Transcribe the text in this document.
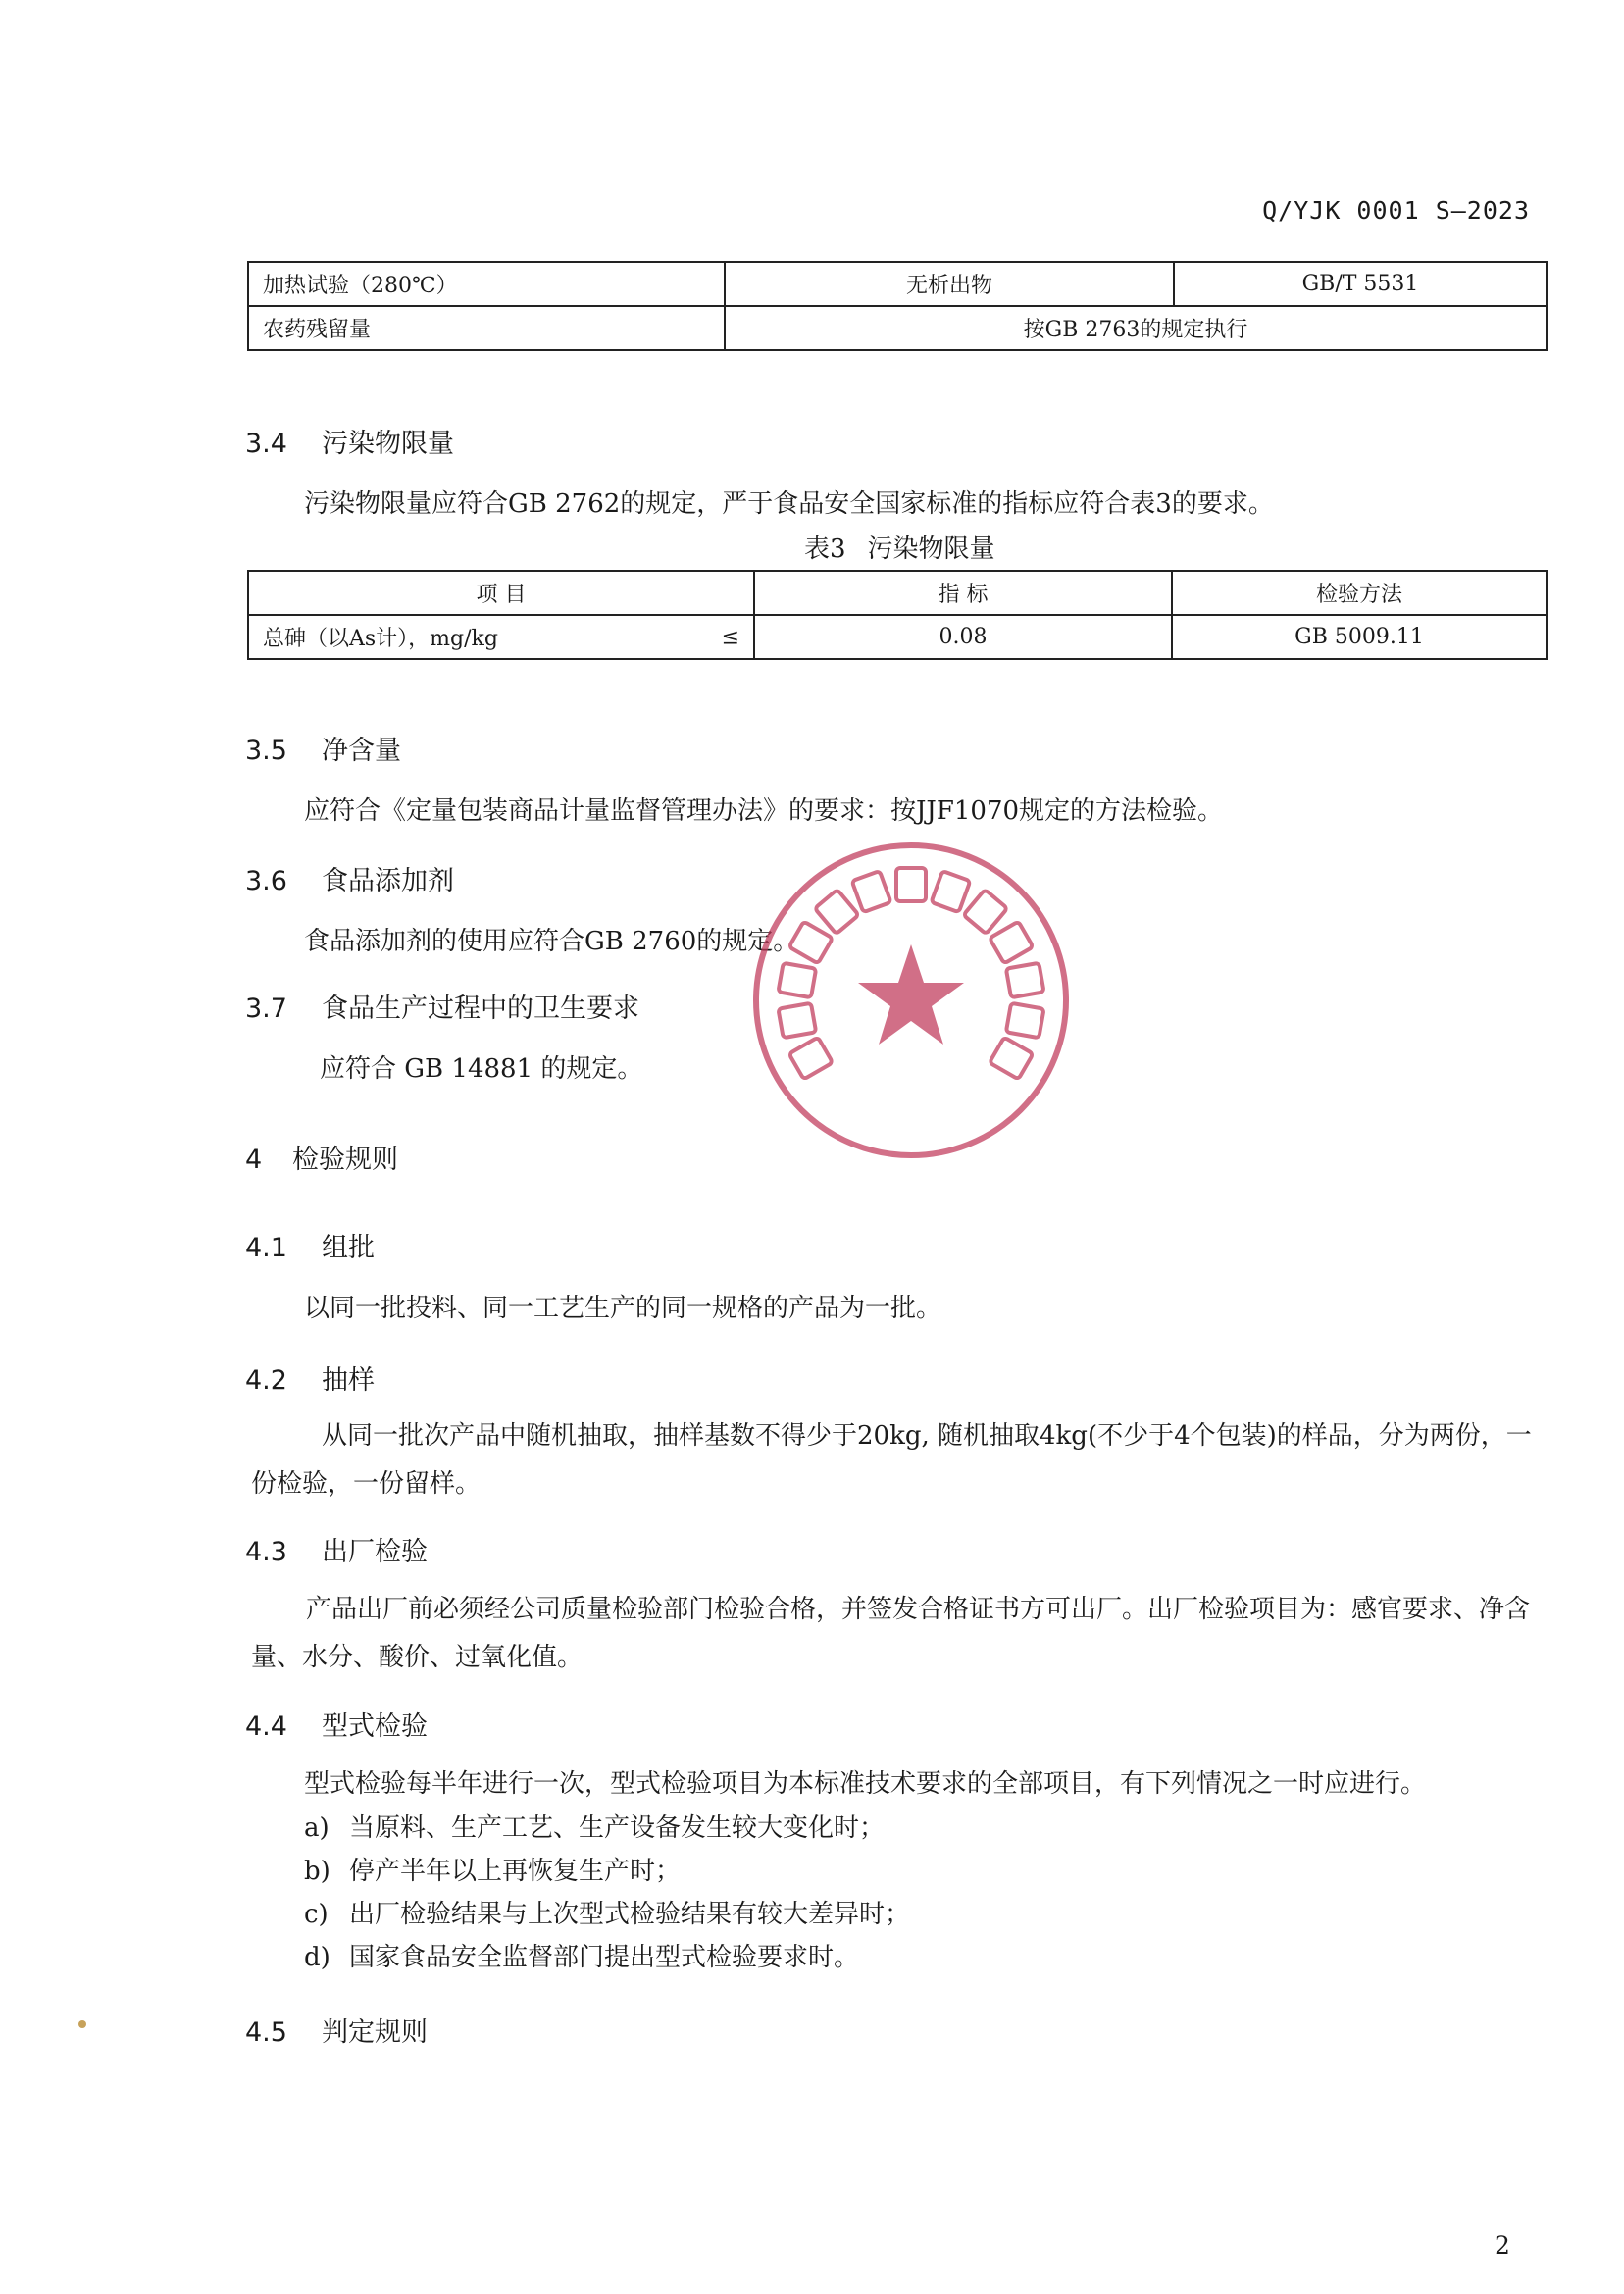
Q/YJK 0001 S—2023
加热试验（280℃）	无析出物	GB/T 5531
农药残留量	按GB 2763的规定执行	
3.4 污染物限量
污染物限量应符合GB 2762的规定，严于食品安全国家标准的指标应符合表3的要求。
表3 污染物限量
项 目	指 标	检验方法
总砷（以As计），mg/kg ≤	0.08	GB 5009.11
3.5 净含量
应符合《定量包装商品计量监督管理办法》的要求：按JJF1070规定的方法检验。
3.6 食品添加剂
食品添加剂的使用应符合GB 2760的规定。
3.7 食品生产过程中的卫生要求
应符合 GB 14881 的规定。
4 检验规则
4.1 组批
以同一批投料、同一工艺生产的同一规格的产品为一批。
4.2 抽样
从同一批次产品中随机抽取，抽样基数不得少于20kg, 随机抽取4kg(不少于4个包装)的样品，分为两份，一份检验，一份留样。
4.3 出厂检验
产品出厂前必须经公司质量检验部门检验合格，并签发合格证书方可出厂。出厂检验项目为：感官要求、净含量、水分、酸价、过氧化值。
4.4 型式检验
型式检验每半年进行一次，型式检验项目为本标准技术要求的全部项目，有下列情况之一时应进行。
a) 当原料、生产工艺、生产设备发生较大变化时；
b) 停产半年以上再恢复生产时；
c) 出厂检验结果与上次型式检验结果有较大差异时；
d) 国家食品安全监督部门提出型式检验要求时。
4.5 判定规则
2
